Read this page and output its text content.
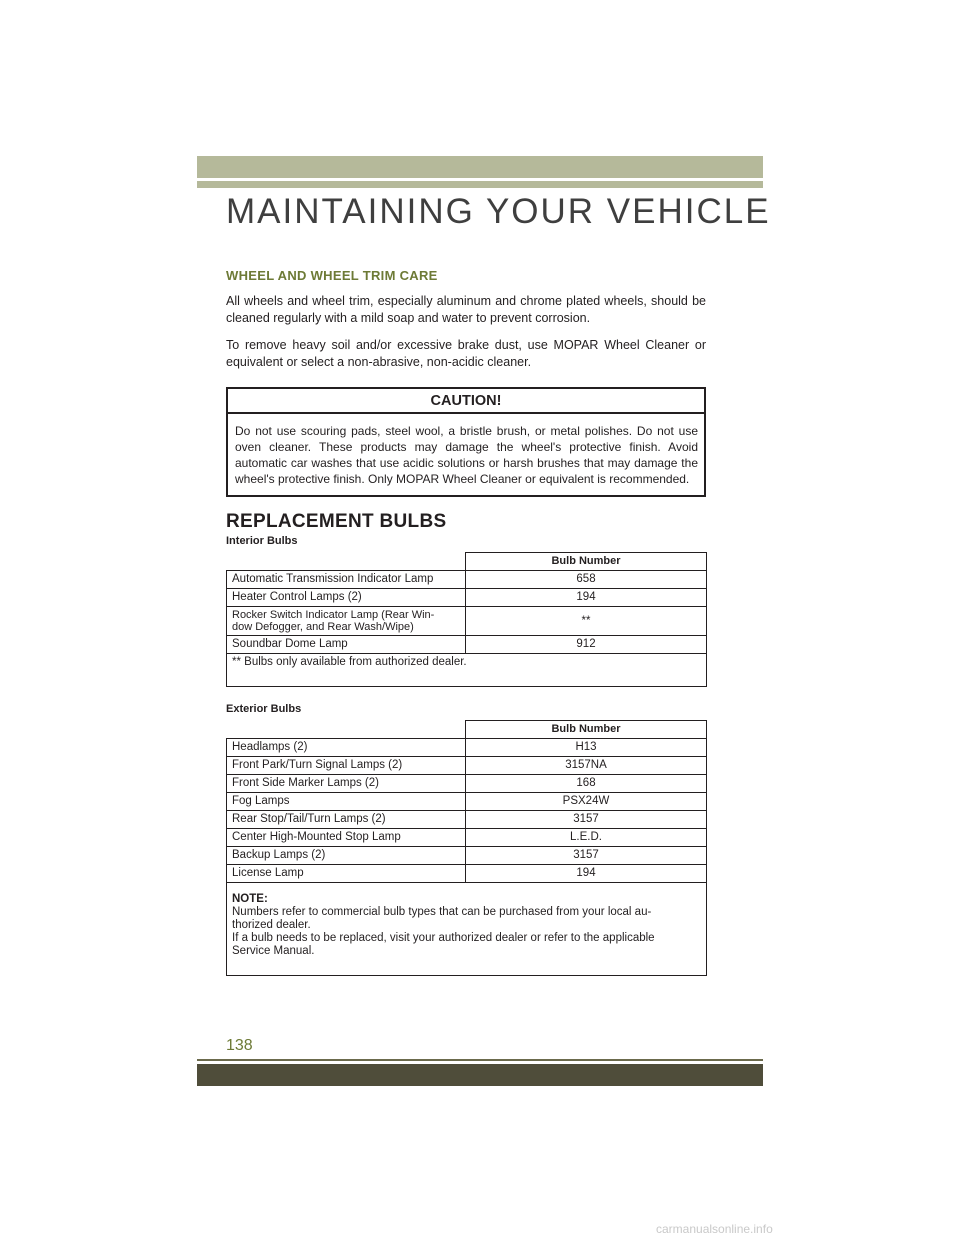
MAINTAINING YOUR VEHICLE
WHEEL AND WHEEL TRIM CARE

All wheels and wheel trim, especially aluminum and chrome plated wheels, should be cleaned regularly with a mild soap and water to prevent corrosion.

To remove heavy soil and/or excessive brake dust, use MOPAR Wheel Cleaner or equivalent or select a non-abrasive, non-acidic cleaner.

CAUTION!
Do not use scouring pads, steel wool, a bristle brush, or metal polishes. Do not use oven cleaner. These products may damage the wheel's protective finish. Avoid automatic car washes that use acidic solutions or harsh brushes that may damage the wheel's protective finish. Only MOPAR Wheel Cleaner or equivalent is recommended.
REPLACEMENT BULBS
Interior Bulbs
	Bulb Number
Automatic Transmission Indicator Lamp	658
Heater Control Lamps (2)	194
Rocker Switch Indicator Lamp (Rear Win-
dow Defogger, and Rear Wash/Wipe)	**
Soundbar Dome Lamp	912
** Bulbs only available from authorized dealer.	
Exterior Bulbs
	Bulb Number
Headlamps (2)	H13
Front Park/Turn Signal Lamps (2)	3157NA
Front Side Marker Lamps (2)	168
Fog Lamps	PSX24W
Rear Stop/Tail/Turn Lamps (2)	3157
Center High-Mounted Stop Lamp	L.E.D.
Backup Lamps (2)	3157
License Lamp	194

NOTE:
Numbers refer to commercial bulb types that can be purchased from your local au-
thorized dealer.
If a bulb needs to be replaced, visit your authorized dealer or refer to the applicable
Service Manual.	
138
carmanualsonline.info
